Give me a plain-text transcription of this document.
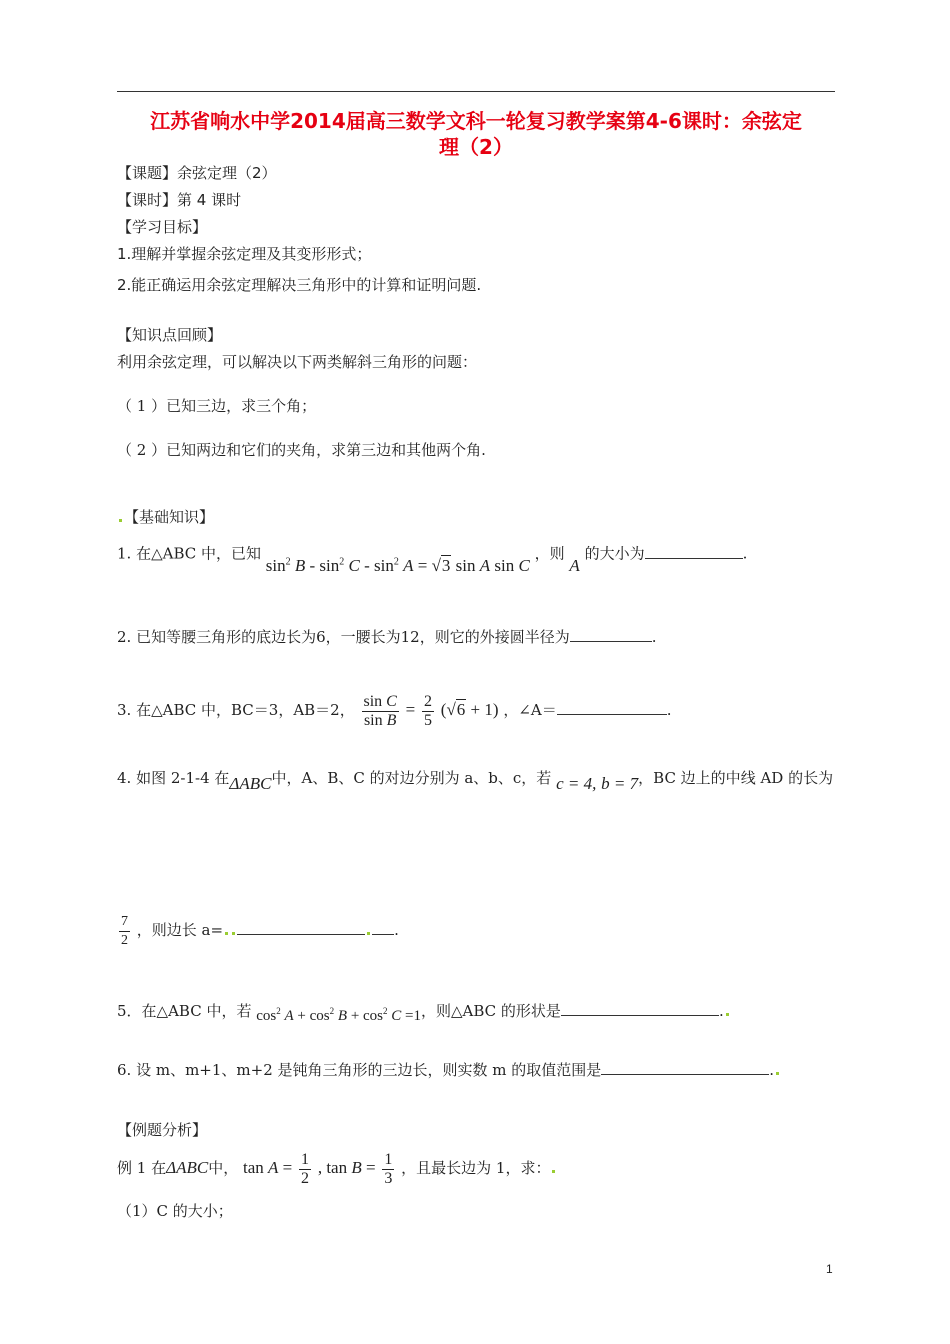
江苏省响水中学2014届高三数学文科一轮复习教学案第4-6课时：余弦定
理（2）
【课题】余弦定理（2）
【课时】第 4 课时
【学习目标】
1.理解并掌握余弦定理及其变形形式；
2.能正确运用余弦定理解决三角形中的计算和证明问题.
【知识点回顾】
利用余弦定理，可以解决以下两类解斜三角形的问题：
（ 1 ）已知三边，求三个角；
（ 2 ）已知两边和它们的夹角，求第三边和其他两个角.
【基础知识】
1. 在△ABC 中，已知 $\sin^2 B - \sin^2 C - \sin^2 A = √3$ sin A sin C ，则 A 的大小为	.
2. 已知等腰三角形的底边长为6，一腰长为12，则它的外接圆半径为	.
3. 在△ABC 中，BC＝3，AB＝2， $\frac{\text{sin C}}{\text{sin B}} = \frac{2}{5} (√6 + 1)$ ，∠A＝	.
4. 如图 2-1-4 在ΔABC中，A、B、C 的对边分别为 a、b、c，若 c = 4, b = 7，BC 边上的中线 AD 的长为
$\frac{7}{2}$ ，则边长 a=	.
5．在△ABC 中，若 $\cos^2 A + \cos^2 B + \cos^2 C =1$，则△ABC 的形状是	.
6. 设 m、m+1、m+2 是钝角三角形的三边长，则实数 m 的取值范围是	.
【例题分析】
例 1 在ΔABC中， $\tan A = \frac{1}{2}$ , $\tan B = \frac{1}{3}$ ，且最长边为 1，求：
（1）C 的大小；
1
